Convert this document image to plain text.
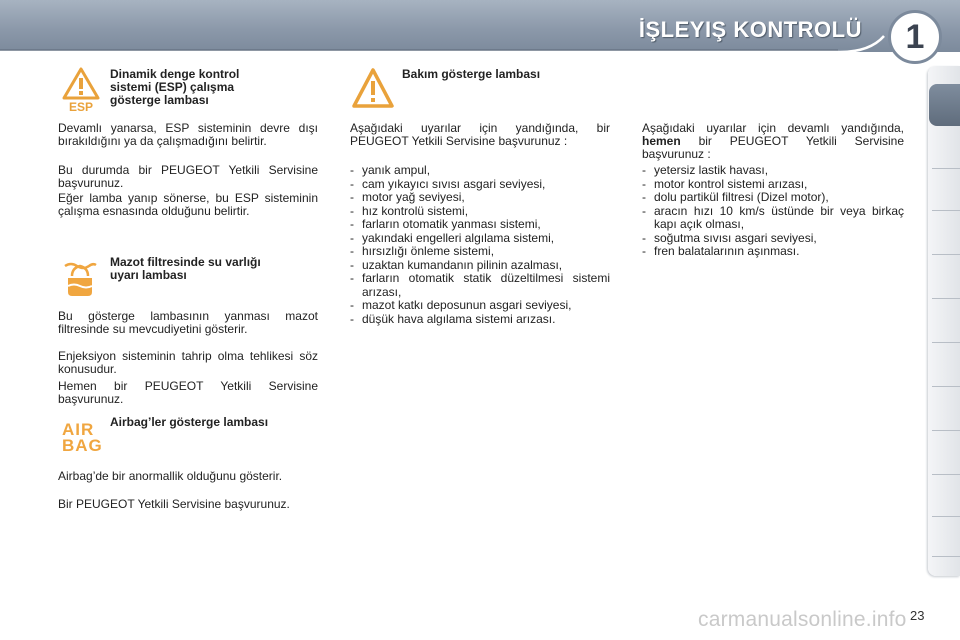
İŞLEYIŞ KONTROLÜ	1
ESP
Dinamik denge kontrol
sistemi (ESP) çalışma
gösterge lambası

Devamlı yanarsa, ESP sisteminin devre dışı bırakıldığını ya da çalışmadığını belirtir.

Bu durumda bir PEUGEOT Yetkili Servisine başvurunuz.

Eğer lamba yanıp sönerse, bu ESP sisteminin çalışma esnasında olduğunu belirtir.

Mazot filtresinde su varlığı
uyarı lambası

Bu gösterge lambasının yanması mazot filtresinde su mevcudiyetini gösterir.

Enjeksiyon sisteminin tahrip olma tehlikesi söz konusudur.

Hemen bir PEUGEOT Yetkili Servisine başvurunuz.

AIR
BAG
Airbag’ler gösterge lambası

Airbag’de bir anormallik olduğunu gösterir.

Bir PEUGEOT Yetkili Servisine başvurunuz.

Bakım gösterge lambası

Aşağıdaki uyarılar için yandığında, bir PEUGEOT Yetkili Servisine başvurunuz :

- yanık ampul,
- cam yıkayıcı sıvısı asgari seviyesi,
- motor yağ seviyesi,
- hız kontrolü sistemi,
- farların otomatik yanması sistemi,
- yakındaki engelleri algılama sistemi,
- hırsızlığı önleme sistemi,
- uzaktan kumandanın pilinin azalması,
- farların otomatik statik düzeltilmesi sistemi arızası,
- mazot katkı deposunun asgari seviyesi,
- düşük hava algılama sistemi arızası.

Aşağıdaki uyarılar için devamlı yandığında, hemen bir PEUGEOT Yetkili Servisine başvurunuz :

- yetersiz lastik havası,
- motor kontrol sistemi arızası,
- dolu partikül filtresi (Dizel motor),
- aracın hızı 10 km/s üstünde bir veya birkaç kapı açık olması,
- soğutma sıvısı asgari seviyesi,
- fren balatalarının aşınması.
carmanualsonline.info 23
